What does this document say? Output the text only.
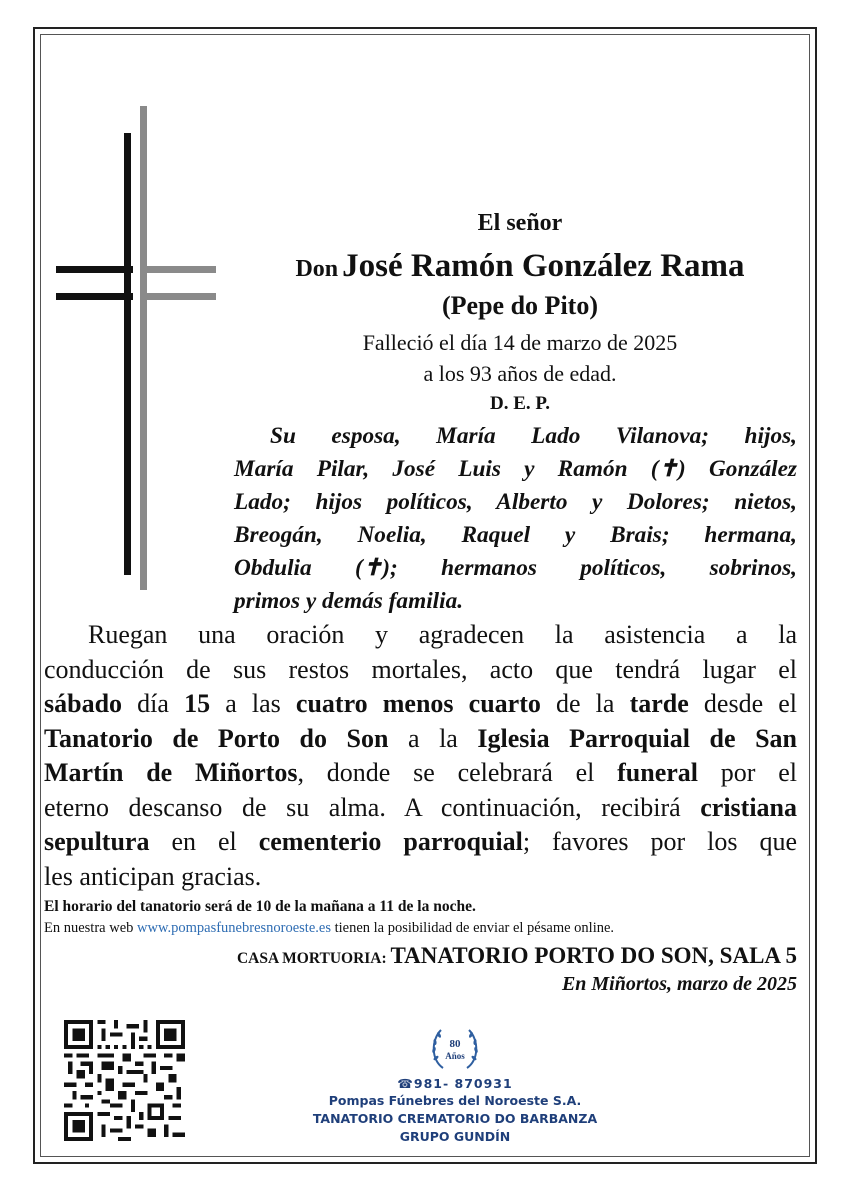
El señor
Don José Ramón González Rama
(Pepe do Pito)
Falleció el día 14 de marzo de 2025
a los 93 años de edad.
D. E. P.
Su esposa, María Lado Vilanova; hijos,
María Pilar, José Luis y Ramón (✝) González
Lado; hijos políticos, Alberto y Dolores; nietos,
Breogán, Noelia, Raquel y Brais; hermana,
Obdulia (✝); hermanos políticos, sobrinos,
primos y demás familia.
Ruegan una oración y agradecen la asistencia a la
conducción de sus restos mortales, acto que tendrá lugar el
sábado día 15 a las cuatro menos cuarto de la tarde desde el
Tanatorio de Porto do Son a la Iglesia Parroquial de San
Martín de Miñortos, donde se celebrará el funeral por el
eterno descanso de su alma. A continuación, recibirá cristiana
sepultura en el cementerio parroquial; favores por los que
les anticipan gracias.
El horario del tanatorio será de 10 de la mañana a 11 de la noche.
En nuestra web www.pompasfunebresnoroeste.es tienen la posibilidad de enviar el pésame online.
CASA MORTUORIA: TANATORIO PORTO DO SON, SALA 5
En Miñortos, marzo de 2025
80
Años
☎981- 870931
Pompas Fúnebres del Noroeste S.A.
TANATORIO CREMATORIO DO BARBANZA
GRUPO GUNDÍN
